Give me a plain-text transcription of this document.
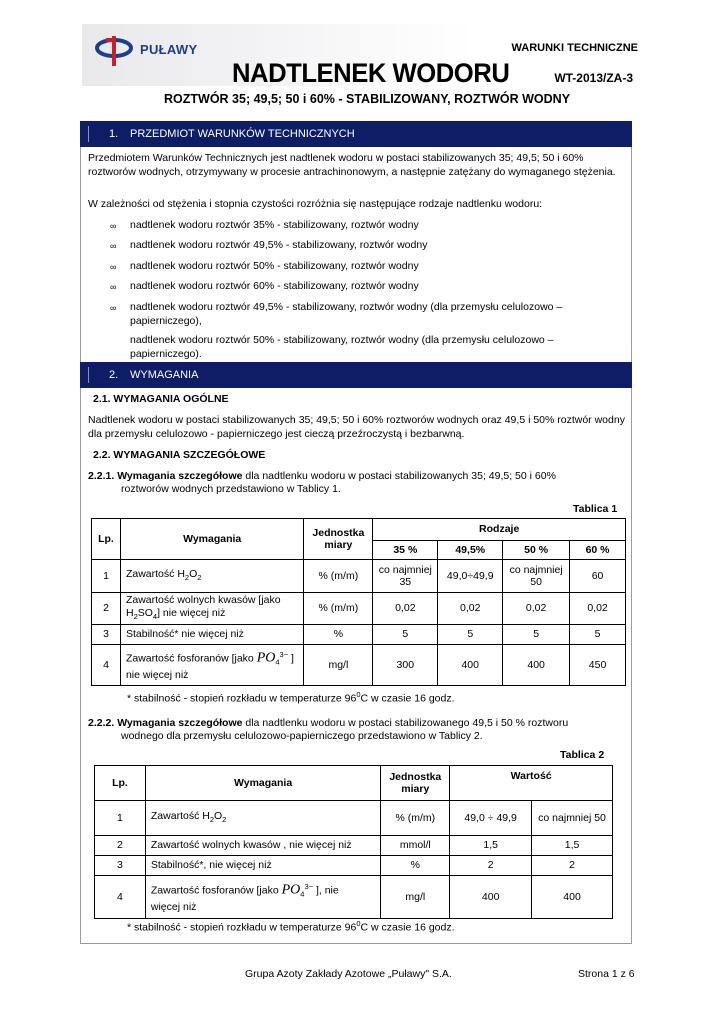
PUŁAWY	WARUNKI TECHNICZNE
NADTLENEK WODORU	WT-2013/ZA-3
ROZTWÓR 35; 49,5; 50 i 60% - STABILIZOWANY, ROZTWÓR WODNY
1. PRZEDMIOT WARUNKÓW TECHNICZNYCH
Przedmiotem Warunków Technicznych jest nadtlenek wodoru w postaci stabilizowanych 35; 49,5; 50 i 60% roztworów wodnych, otrzymywany w procesie antrachinonowym, a następnie zatężany do wymaganego stężenia.
W zależności od stężenia i stopnia czystości rozróżnia się następujące rodzaje nadtlenku wodoru:
∞ nadtlenek wodoru roztwór 35% - stabilizowany, roztwór wodny
∞ nadtlenek wodoru roztwór 49,5% - stabilizowany, roztwór wodny
∞ nadtlenek wodoru roztwór 50% - stabilizowany, roztwór wodny
∞ nadtlenek wodoru roztwór 60% - stabilizowany, roztwór wodny
∞ nadtlenek wodoru roztwór 49,5% - stabilizowany, roztwór wodny (dla przemysłu celulozowo – papierniczego),
nadtlenek wodoru roztwór 50% - stabilizowany, roztwór wodny (dla przemysłu celulozowo – papierniczego).
2. WYMAGANIA
2.1. WYMAGANIA OGÓLNE
Nadtlenek wodoru w postaci stabilizowanych 35; 49,5; 50 i 60% roztworów wodnych oraz 49,5 i 50% roztwór wodny dla przemysłu celulozowo - papierniczego jest cieczą przeźroczystą i bezbarwną.
2.2. WYMAGANIA SZCZEGÓŁOWE
2.2.1. Wymagania szczegółowe dla nadtlenku wodoru w postaci stabilizowanych 35; 49,5; 50 i 60%
roztworów wodnych przedstawiono w Tablicy 1.
Tablica 1
Lp.	Wymagania	Jednostka miary	Rodzaje			
			35 %	49,5%	50 %	60 %
1	Zawartość $H_2O_2$	% (m/m)	co najmniej 35	49,0÷49,9	co najmniej 50	60
2	Zawartość wolnych kwasów [jako
$H_2SO_4$] nie więcej niż	% (m/m)	0,02	0,02	0,02	0,02
3	Stabilność* nie więcej niż	%	5	5	5	5
4	Zawartość fosforanów [jako $PO_4^{3-}$ ]
nie więcej niż	mg/l	300	400	400	450
* stabilność - stopień rozkładu w temperaturze $96^0C$ w czasie 16 godz.
2.2.2. Wymagania szczegółowe dla nadtlenku wodoru w postaci stabilizowanego 49,5 i 50 % roztworu
wodnego dla przemysłu celulozowo-papierniczego przedstawiono w Tablicy 2.
Tablica 2
Lp.	Wymagania	Jednostka miary	Wartość	
1	Zawartość $H_2O_2$	% (m/m)	49,0 ÷ 49,9	co najmniej 50
2	Zawartość wolnych kwasów , nie więcej niż	mmol/l	1,5	1,5
3	Stabilność*, nie więcej niż	%	2	2
4	Zawartość fosforanów [jako $PO_4^{3-}$ ], nie
więcej niż	mg/l	400	400
* stabilność - stopień rozkładu w temperaturze $96^0C$ w czasie 16 godz.
Grupa Azoty Zakłady Azotowe „Puławy" S.A.	Strona 1 z 6
